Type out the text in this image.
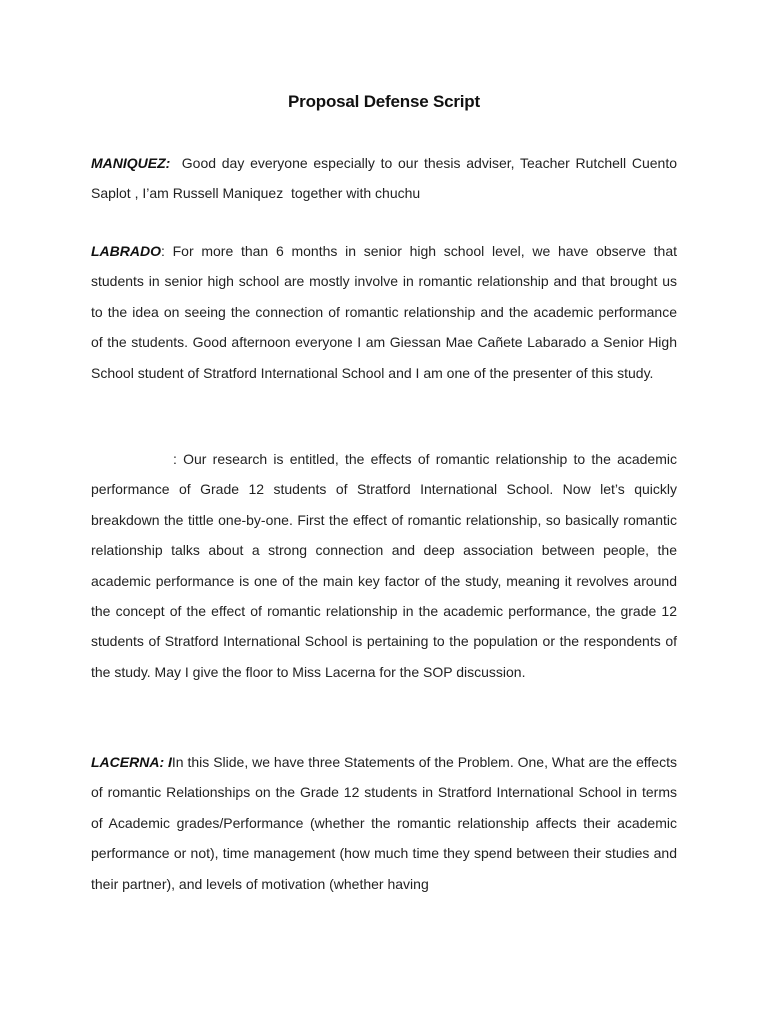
Proposal Defense Script

MANIQUEZ:  Good day everyone especially to our thesis adviser, Teacher Rutchell Cuento Saplot , I’am Russell Maniquez  together with chuchu

LABRADO: For more than 6 months in senior high school level, we have observe that students in senior high school are mostly involve in romantic relationship and that brought us to the idea on seeing the connection of romantic relationship and the academic performance of the students. Good afternoon everyone I am Giessan Mae Cañete Labarado a Senior High School student of Stratford International School and I am one of the presenter of this study.

: Our research is entitled, the effects of romantic relationship to the academic performance of Grade 12 students of Stratford International School. Now let’s quickly breakdown the tittle one-by-one. First the effect of romantic relationship, so basically romantic relationship talks about a strong connection and deep association between people, the academic performance is one of the main key factor of the study, meaning it revolves around the concept of the effect of romantic relationship in the academic performance, the grade 12 students of Stratford International School is pertaining to the population or the respondents of the study. May I give the floor to Miss Lacerna for the SOP discussion.

LACERNA: IIn this Slide, we have three Statements of the Problem. One, What are the effects of romantic Relationships on the Grade 12 students in Stratford International School in terms of Academic grades/Performance (whether the romantic relationship affects their academic performance or not), time management (how much time they spend between their studies and their partner), and levels of motivation (whether having
